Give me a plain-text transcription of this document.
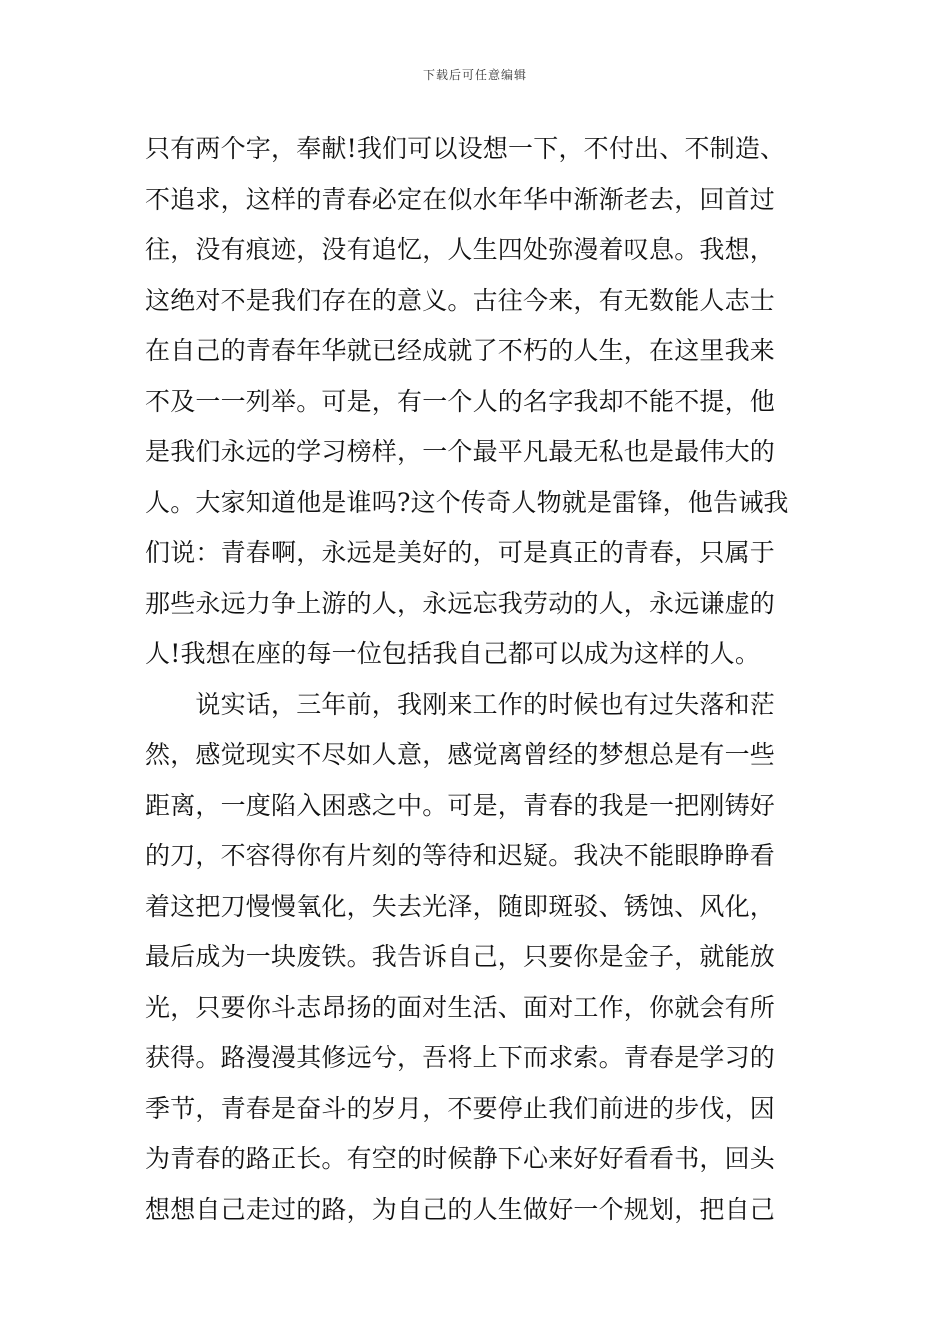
下载后可任意编辑
只有两个字，奉献!我们可以设想一下，不付出、不制造、
不追求，这样的青春必定在似水年华中渐渐老去，回首过
往，没有痕迹，没有追忆，人生四处弥漫着叹息。我想，
这绝对不是我们存在的意义。古往今来，有无数能人志士
在自己的青春年华就已经成就了不朽的人生，在这里我来
不及一一列举。可是，有一个人的名字我却不能不提，他
是我们永远的学习榜样，一个最平凡最无私也是最伟大的
人。大家知道他是谁吗?这个传奇人物就是雷锋，他告诫我
们说：青春啊，永远是美好的，可是真正的青春，只属于
那些永远力争上游的人，永远忘我劳动的人，永远谦虚的
人!我想在座的每一位包括我自己都可以成为这样的人。
　　说实话，三年前，我刚来工作的时候也有过失落和茫
然，感觉现实不尽如人意，感觉离曾经的梦想总是有一些
距离，一度陷入困惑之中。可是，青春的我是一把刚铸好
的刀，不容得你有片刻的等待和迟疑。我决不能眼睁睁看
着这把刀慢慢氧化，失去光泽，随即斑驳、锈蚀、风化，
最后成为一块废铁。我告诉自己，只要你是金子，就能放
光，只要你斗志昂扬的面对生活、面对工作，你就会有所
获得。路漫漫其修远兮，吾将上下而求索。青春是学习的
季节，青春是奋斗的岁月，不要停止我们前进的步伐，因
为青春的路正长。有空的时候静下心来好好看看书，回头
想想自己走过的路，为自己的人生做好一个规划，把自己
